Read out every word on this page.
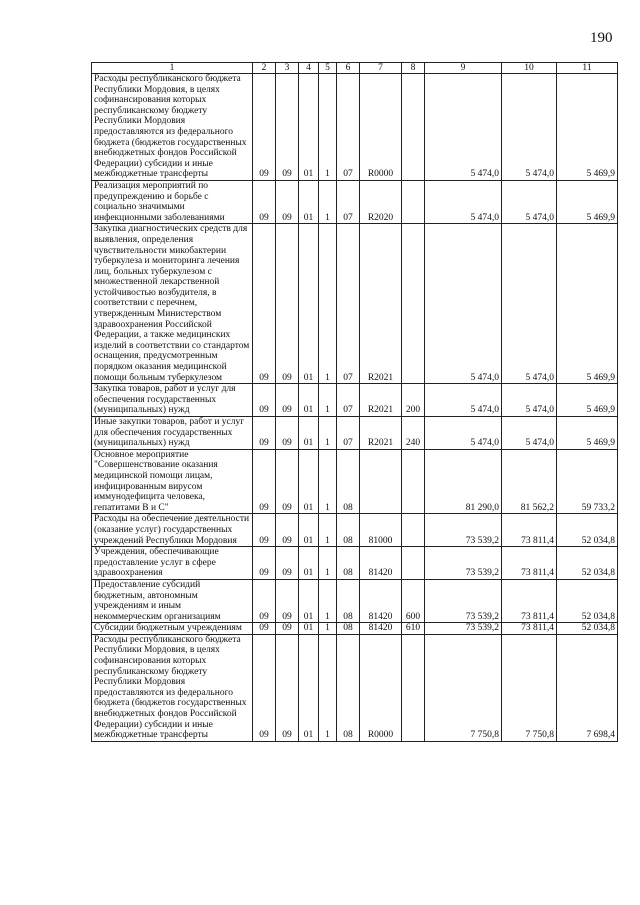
190
1	2	3	4	5	6	7	8	9	10	11
Расходы республиканского бюджета Республики Мордовия, в целях софинансирования которых республиканскому бюджету Республики Мордовия предоставляются из федерального бюджета (бюджетов государственных внебюджетных фондов Российской Федерации) субсидии и иные межбюджетные трансферты	09	09	01	1	07	R0000		5 474,0	5 474,0	5 469,9
Реализация мероприятий по предупреждению и борьбе с социально значимыми инфекционными заболеваниями	09	09	01	1	07	R2020		5 474,0	5 474,0	5 469,9
Закупка диагностических средств для выявления, определения чувствительности микобактерии туберкулеза и мониторинга лечения лиц, больных туберкулезом с множественной лекарственной устойчивостью возбудителя, в соответствии с перечнем, утвержденным Министерством здравоохранения Российской Федерации, а также медицинских изделий в соответствии со стандартом оснащения, предусмотренным порядком оказания медицинской помощи больным туберкулезом	09	09	01	1	07	R2021		5 474,0	5 474,0	5 469,9
Закупка товаров, работ и услуг для обеспечения государственных (муниципальных) нужд	09	09	01	1	07	R2021	200	5 474,0	5 474,0	5 469,9
Иные закупки товаров, работ и услуг для обеспечения государственных (муниципальных) нужд	09	09	01	1	07	R2021	240	5 474,0	5 474,0	5 469,9
Основное мероприятие "Совершенствование оказания медицинской помощи лицам, инфицированным вирусом иммунодефицита человека, гепатитами В и С"	09	09	01	1	08			81 290,0	81 562,2	59 733,2
Расходы на обеспечение деятельности (оказание услуг) государственных учреждений Республики Мордовия	09	09	01	1	08	81000		73 539,2	73 811,4	52 034,8
Учреждения, обеспечивающие предоставление услуг в сфере здравоохранения	09	09	01	1	08	81420		73 539,2	73 811,4	52 034,8
Предоставление субсидий бюджетным, автономным учреждениям и иным некоммерческим организациям	09	09	01	1	08	81420	600	73 539,2	73 811,4	52 034,8
Субсидии бюджетным учреждениям	09	09	01	1	08	81420	610	73 539,2	73 811,4	52 034,8
Расходы республиканского бюджета Республики Мордовия, в целях софинансирования которых республиканскому бюджету Республики Мордовия предоставляются из федерального бюджета (бюджетов государственных внебюджетных фондов Российской Федерации) субсидии и иные межбюджетные трансферты	09	09	01	1	08	R0000		7 750,8	7 750,8	7 698,4
